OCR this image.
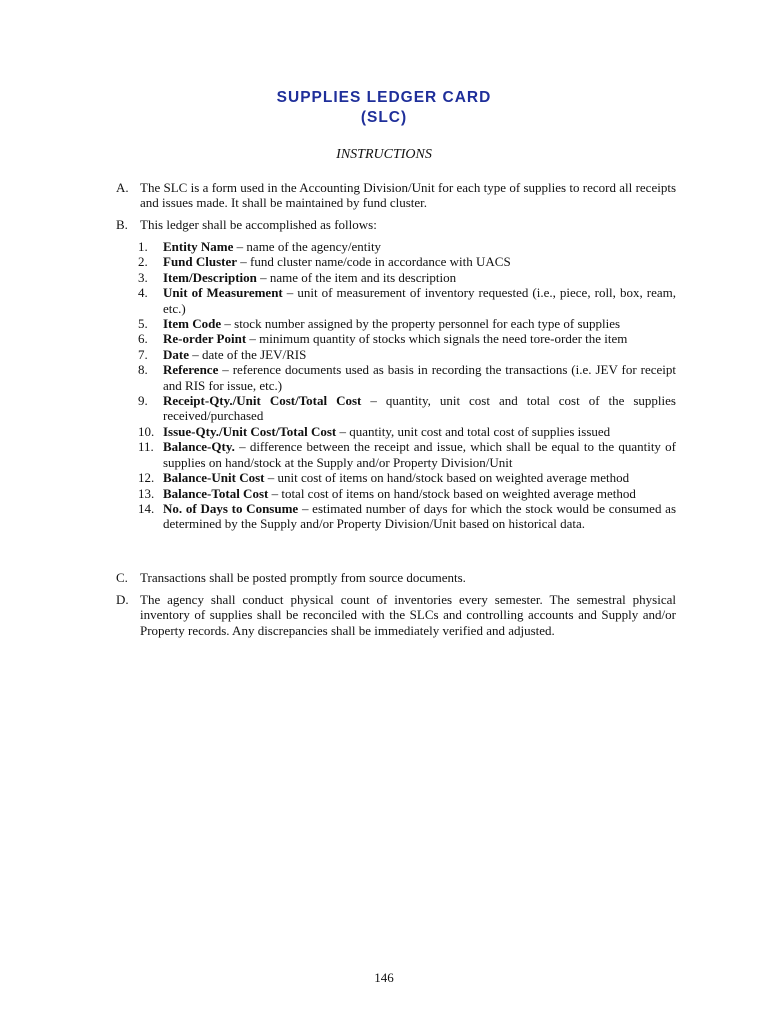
SUPPLIES LEDGER CARD
(SLC)
INSTRUCTIONS
A. The SLC is a form used in the Accounting Division/Unit for each type of supplies to record all receipts and issues made. It shall be maintained by fund cluster.
B. This ledger shall be accomplished as follows:
1.	Entity Name – name of the agency/entity
2.	Fund Cluster – fund cluster name/code in accordance with UACS
3.	Item/Description – name of the item and its description
4.	Unit of Measurement – unit of measurement of inventory requested (i.e., piece, roll, box, ream, etc.)
5.	Item Code – stock number assigned by the property personnel for each type of supplies
6.	Re-order Point – minimum quantity of stocks which signals the need tore-order the item
7.	Date – date of the JEV/RIS
8.	Reference – reference documents used as basis in recording the transactions (i.e. JEV for receipt and RIS for issue, etc.)
9.	Receipt-Qty./Unit Cost/Total Cost – quantity, unit cost and total cost of the supplies received/purchased
10. Issue-Qty./Unit Cost/Total Cost – quantity, unit cost and total cost of supplies issued
11. Balance-Qty. – difference between the receipt and issue, which shall be equal to the quantity of supplies on hand/stock at the Supply and/or Property Division/Unit
12. Balance-Unit Cost – unit cost of items on hand/stock based on weighted average method
13. Balance-Total Cost – total cost of items on hand/stock based on weighted average method
14. No. of Days to Consume – estimated number of days for which the stock would be consumed as determined by the Supply and/or Property Division/Unit based on historical data.
C. Transactions shall be posted promptly from source documents.
D. The agency shall conduct physical count of inventories every semester. The semestral physical inventory of supplies shall be reconciled with the SLCs and controlling accounts and Supply and/or Property records. Any discrepancies shall be immediately verified and adjusted.
146
